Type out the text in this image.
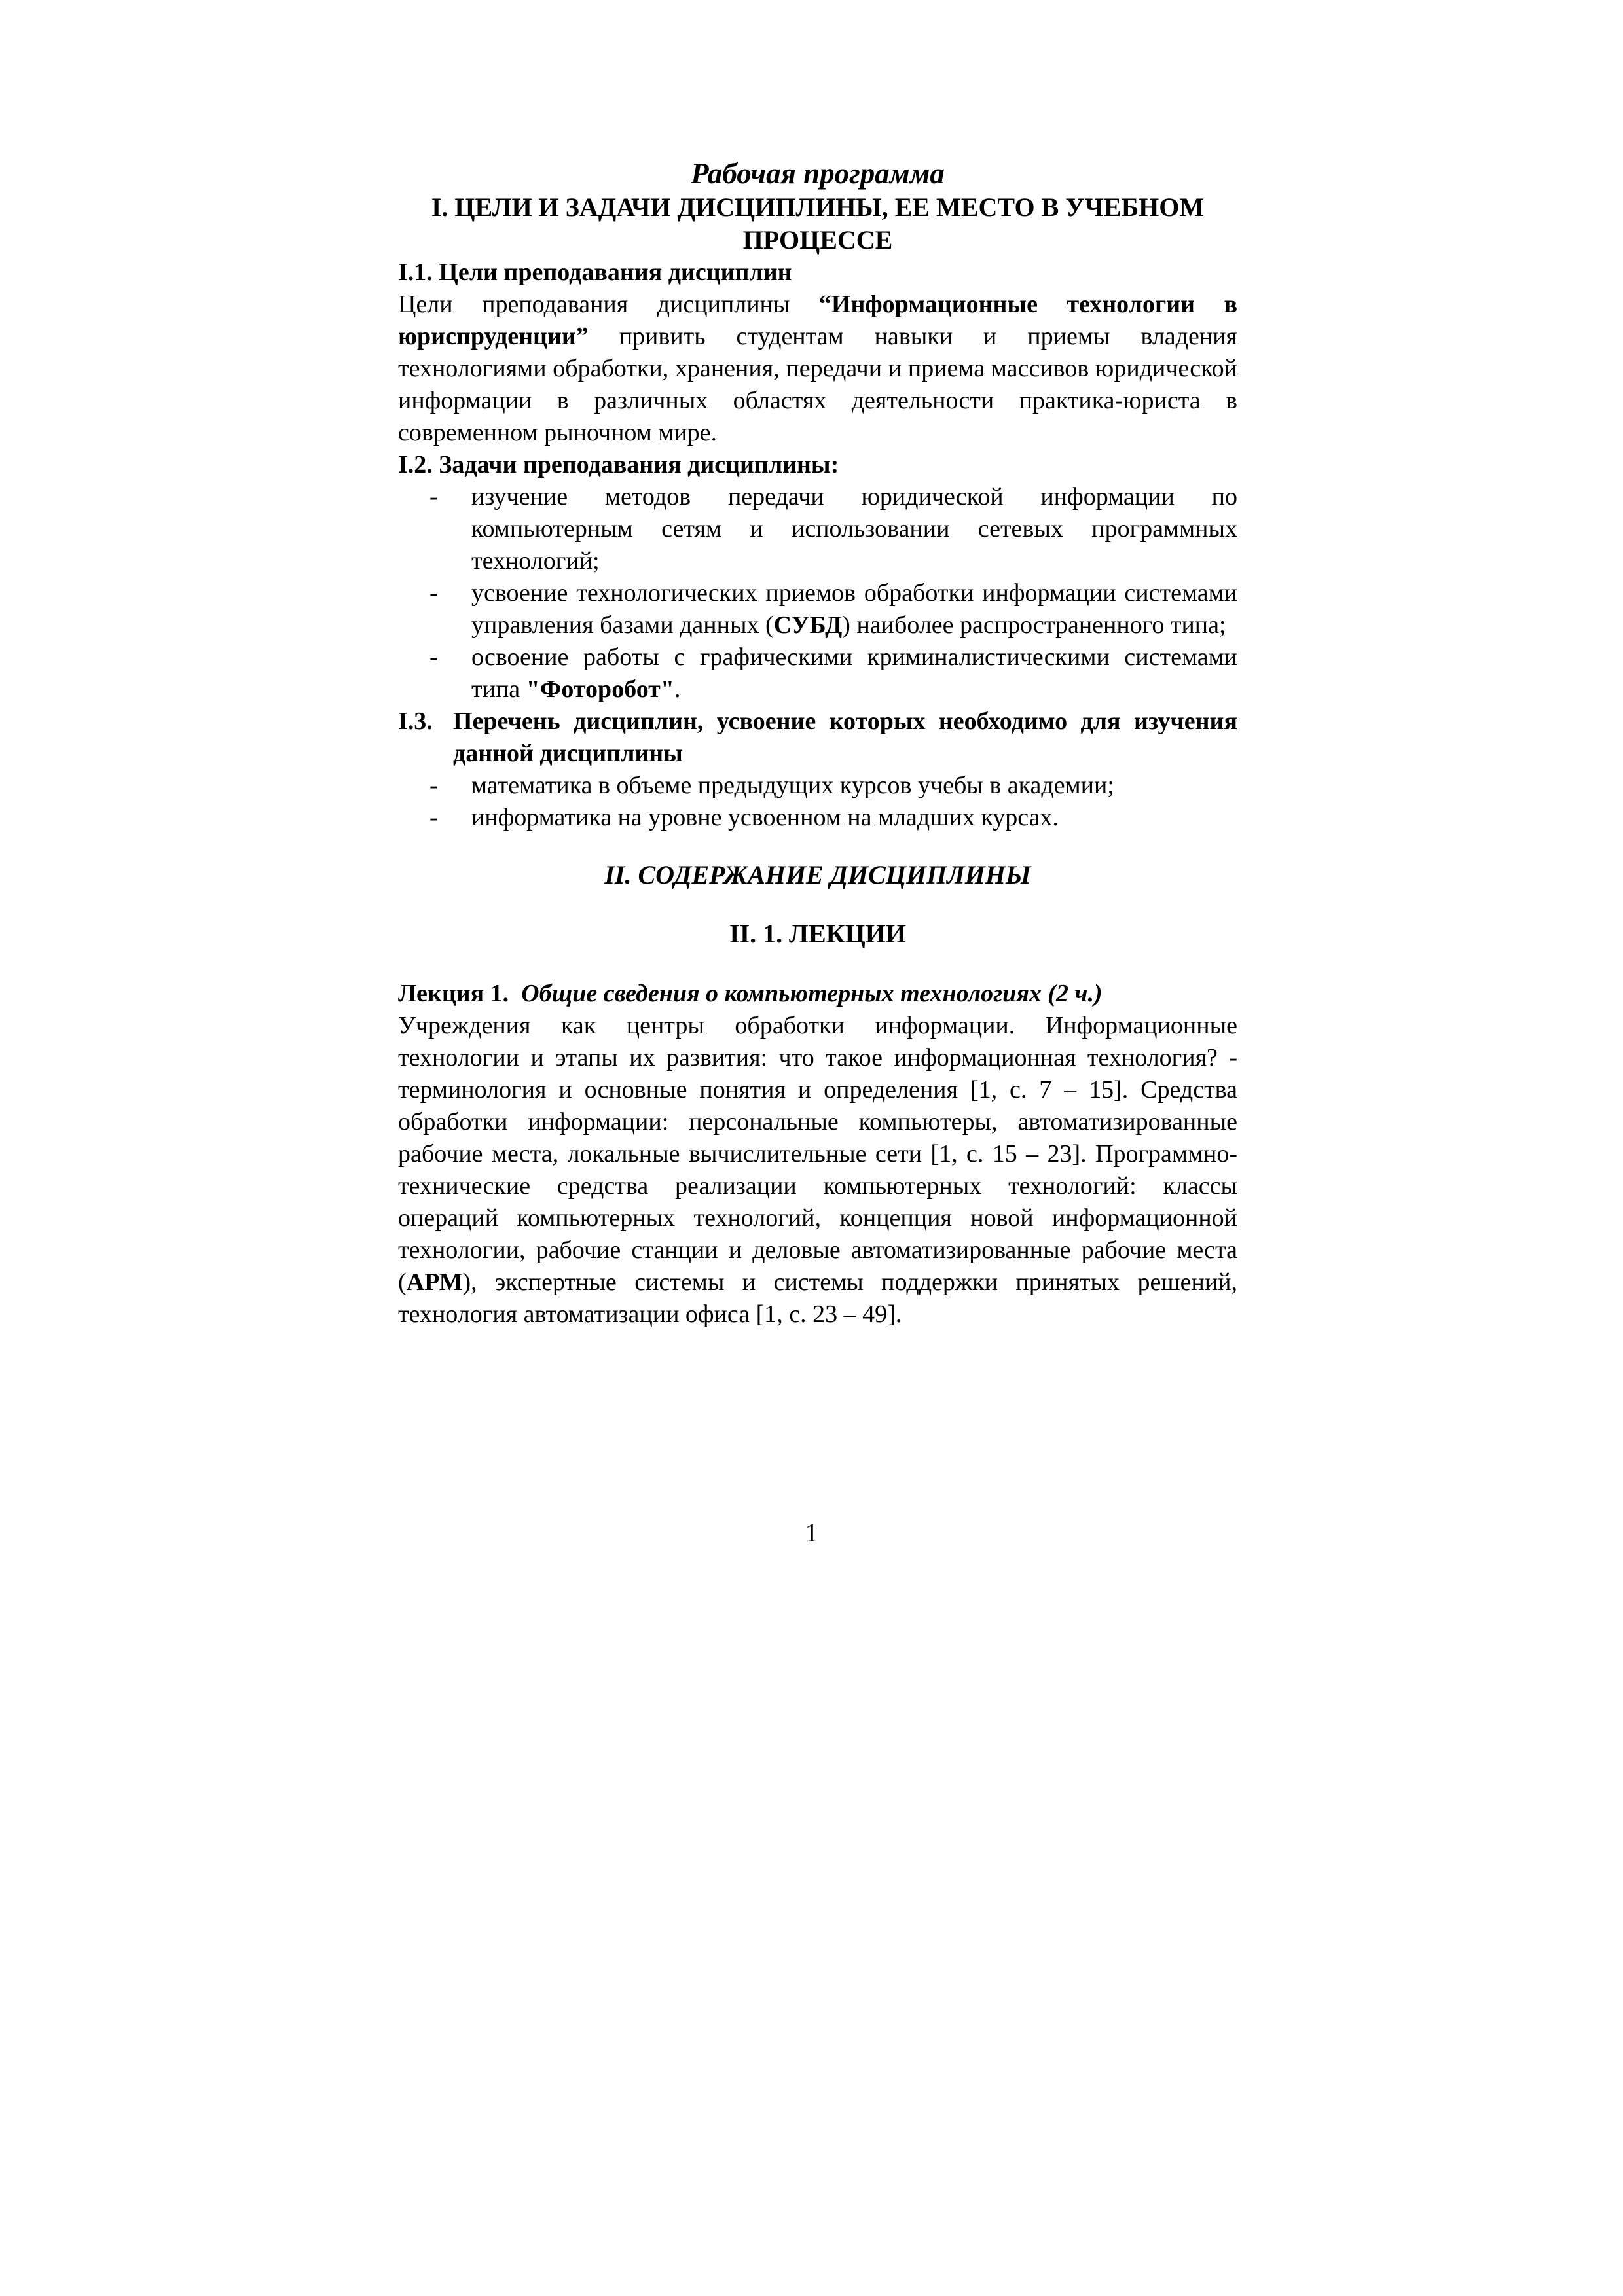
Рабочая программа
I. ЦЕЛИ И ЗАДАЧИ ДИСЦИПЛИНЫ, ЕЕ МЕСТО В УЧЕБНОМ ПРОЦЕССЕ
I.1. Цели преподавания дисциплин

Цели преподавания дисциплины “Информационные технологии в юриспруденции” привить студентам навыки и приемы владения технологиями обработки, хранения, передачи и приема массивов юридической информации в различных областях деятельности практика-юриста в современном рыночном мире.

I.2. Задачи преподавания дисциплины:
- изучение методов передачи юридической информации по компьютерным сетям и использовании сетевых программных технологий;
- усвоение технологических приемов обработки информации системами управления базами данных (СУБД) наиболее распространенного типа;
- освоение работы с графическими криминалистическими системами типа "Фоторобот".
I.3. Перечень дисциплин, усвоение которых необходимо для изучения данной дисциплины
- математика в объеме предыдущих курсов учебы в академии;
- информатика на уровне усвоенном на младших курсах.
II. СОДЕРЖАНИЕ ДИСЦИПЛИНЫ
II. 1. ЛЕКЦИИ
Лекция 1. Общие сведения о компьютерных технологиях (2 ч.)

Учреждения как центры обработки информации. Информационные технологии и этапы их развития: что такое информационная технология? - терминология и основные понятия и определения [1, с. 7 – 15]. Средства обработки информации: персональные компьютеры, автоматизированные рабочие места, локальные вычислительные сети [1, с. 15 – 23]. Программно-технические средства реализации компьютерных технологий: классы операций компьютерных технологий, концепция новой информационной технологии, рабочие станции и деловые автоматизированные рабочие места (АРМ), экспертные системы и системы поддержки принятых решений, технология автоматизации офиса [1, с. 23 – 49].

1
